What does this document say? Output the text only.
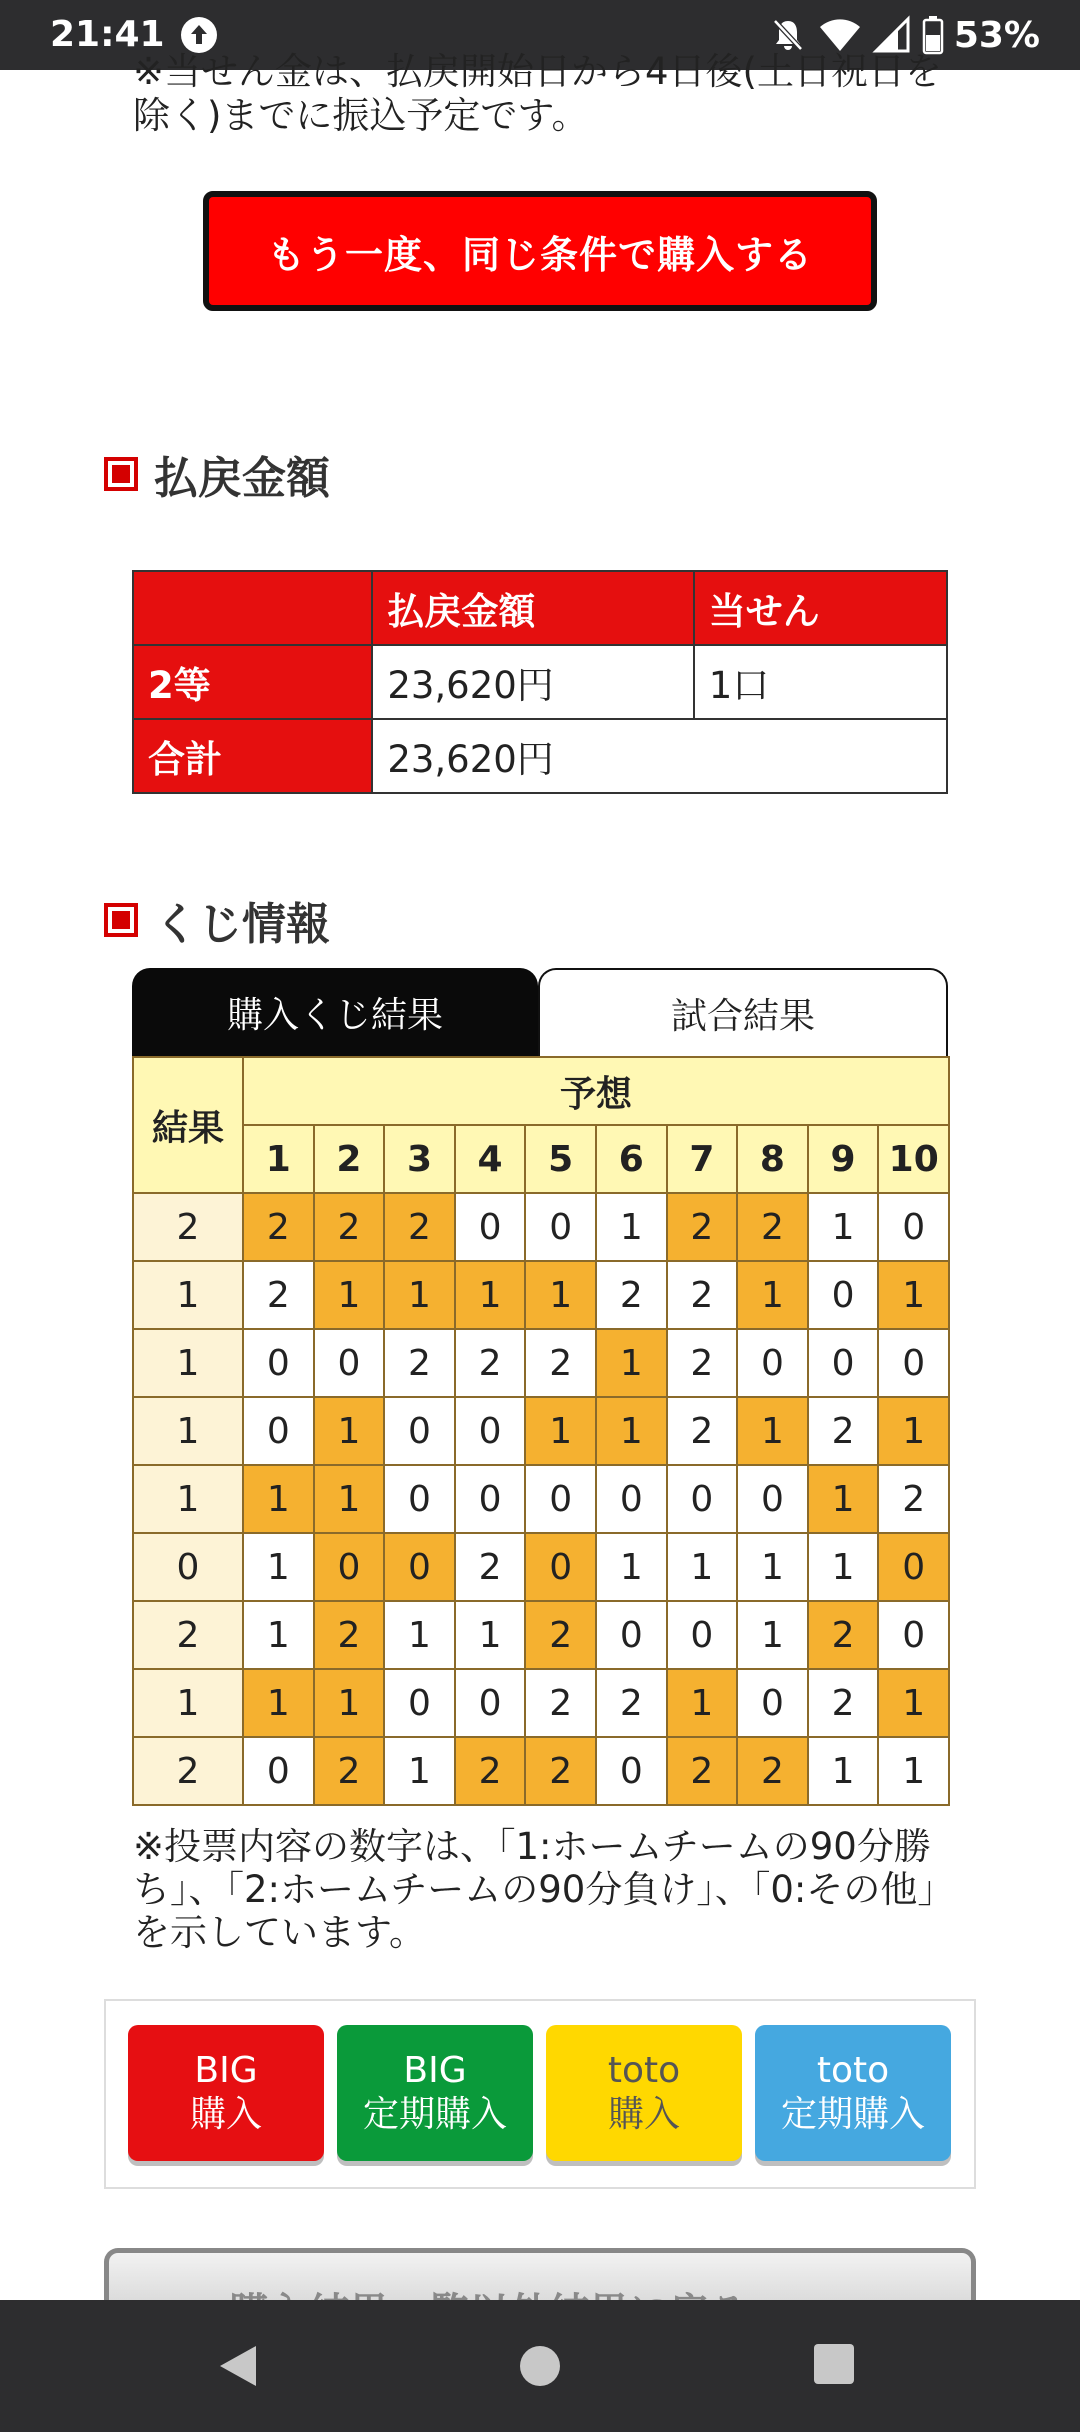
21:41	53%
※当せん金は、払戻開始日から4日後(土日祝日を除く)までに振込予定です。
もう一度、同じ条件で購入する
払戻金額
	払戻金額	当せん
2等	23,620円	1口
合計	23,620円	
くじ情報
購入くじ結果	試合結果
結果	予想									
	1	2	3	4	5	6	7	8	9	10
2	2	2	2	0	0	1	2	2	1	0
1	2	1	1	1	1	2	2	1	0	1
1	0	0	2	2	2	1	2	0	0	0
1	0	1	0	0	1	1	2	1	2	1
1	1	1	0	0	0	0	0	0	1	2
0	1	0	0	2	0	1	1	1	1	0
2	1	2	1	1	2	0	0	1	2	0
1	1	1	0	0	2	2	1	0	2	1
2	0	2	1	2	2	0	2	2	1	1
※投票内容の数字は、「1:ホームチームの90分勝ち」、「2:ホームチームの90分負け」、「0:その他」を示しています。
BIG
購入
BIG
定期購入
toto
購入
toto
定期購入
